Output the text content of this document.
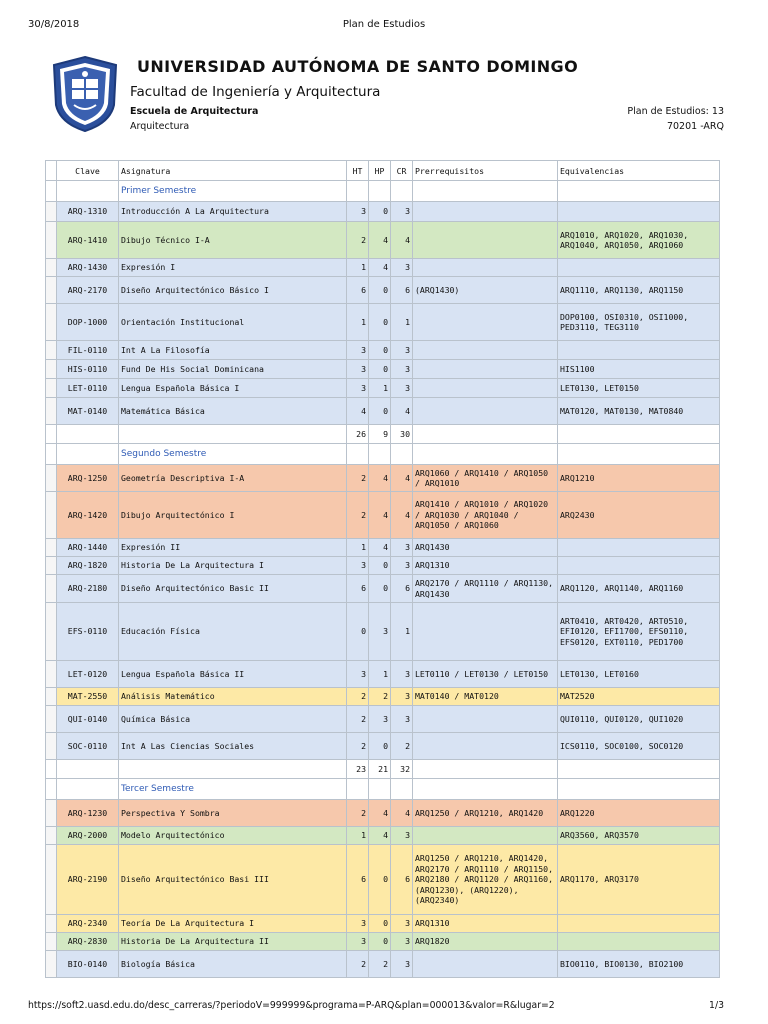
30/8/2018	Plan de Estudios
UNIVERSIDAD AUTÓNOMA DE SANTO DOMINGO
Facultad de Ingeniería y Arquitectura
Escuela de Arquitectura
Arquitectura
Plan de Estudios: 13
70201 -ARQ
	Clave	Asignatura	HT	HP	CR	Prerrequisitos	Equivalencias
		Primer Semestre					
	ARQ-1310	Introducción A La Arquitectura	3	0	3		
	ARQ-1410	Dibujo Técnico I-A	2	4	4		ARQ1010, ARQ1020, ARQ1030, ARQ1040, ARQ1050, ARQ1060
	ARQ-1430	Expresión I	1	4	3		
	ARQ-2170	Diseño Arquitectónico Básico I	6	0	6	(ARQ1430)	ARQ1110, ARQ1130, ARQ1150
	DOP-1000	Orientación Institucional	1	0	1		DOP0100, OSI0310, OSI1000, PED3110, TEG3110
	FIL-0110	Int A La Filosofía	3	0	3		
	HIS-0110	Fund De His Social Dominicana	3	0	3		HIS1100
	LET-0110	Lengua Española Básica I	3	1	3		LET0130, LET0150
	MAT-0140	Matemática Básica	4	0	4		MAT0120, MAT0130, MAT0840
			26	9	30		
		Segundo Semestre					
	ARQ-1250	Geometría Descriptiva I-A	2	4	4	ARQ1060 / ARQ1410 / ARQ1050 / ARQ1010	ARQ1210
	ARQ-1420	Dibujo Arquitectónico I	2	4	4	ARQ1410 / ARQ1010 / ARQ1020 / ARQ1030 / ARQ1040 / ARQ1050 / ARQ1060	ARQ2430
	ARQ-1440	Expresión II	1	4	3	ARQ1430	
	ARQ-1820	Historia De La Arquitectura I	3	0	3	ARQ1310	
	ARQ-2180	Diseño Arquitectónico Basic II	6	0	6	ARQ2170 / ARQ1110 / ARQ1130, ARQ1430	ARQ1120, ARQ1140, ARQ1160
	EFS-0110	Educación Física	0	3	1		ART0410, ART0420, ART0510, EFI0120, EFI1700, EFS0110, EFS0120, EXT0110, PED1700
	LET-0120	Lengua Española Básica II	3	1	3	LET0110 / LET0130 / LET0150	LET0130, LET0160
	MAT-2550	Análisis Matemático	2	2	3	MAT0140 / MAT0120	MAT2520
	QUI-0140	Química Básica	2	3	3		QUI0110, QUI0120, QUI1020
	SOC-0110	Int A Las Ciencias Sociales	2	0	2		ICS0110, SOC0100, SOC0120
			23	21	32		
		Tercer Semestre					
	ARQ-1230	Perspectiva Y Sombra	2	4	4	ARQ1250 / ARQ1210, ARQ1420	ARQ1220
	ARQ-2000	Modelo Arquitectónico	1	4	3		ARQ3560, ARQ3570
	ARQ-2190	Diseño Arquitectónico Basi III	6	0	6	ARQ1250 / ARQ1210, ARQ1420, ARQ2170 / ARQ1110 / ARQ1150, ARQ2180 / ARQ1120 / ARQ1160, (ARQ1230), (ARQ1220), (ARQ2340)	ARQ1170, ARQ3170
	ARQ-2340	Teoría De La Arquitectura I	3	0	3	ARQ1310	
	ARQ-2830	Historia De La Arquitectura II	3	0	3	ARQ1820	
	BIO-0140	Biología Básica	2	2	3		BIO0110, BIO0130, BIO2100
https://soft2.uasd.edu.do/desc_carreras/?periodoV=999999&programa=P-ARQ&plan=000013&valor=R&lugar=2	1/3
